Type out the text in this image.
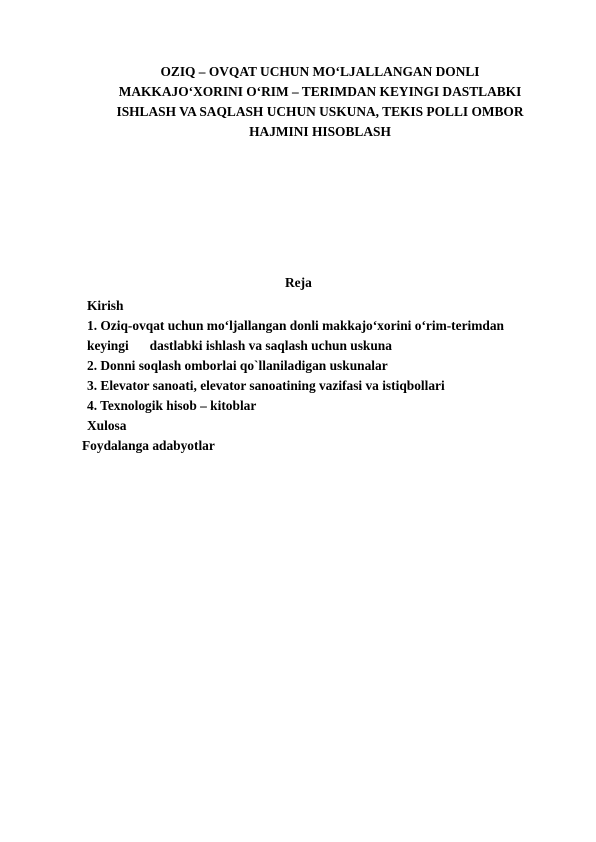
OZIQ – OVQAT UCHUN MO‘LJALLANGAN DONLI
MAKKAJO‘XORINI O‘RIM – TERIMDAN KEYINGI DASTLABKI
ISHLASH VA SAQLASH UCHUN USKUNA, TEKIS POLLI OMBOR
HAJMINI HISOBLASH
Reja
Kirish
1. Oziq-ovqat uchun mo‘ljallangan donli makkajo‘xorini o‘rim-terimdan
keyingi dastlabki ishlash va saqlash uchun uskuna
2. Donni soqlash omborlai qo`llaniladigan uskunalar
3. Elevator sanoati, elevator sanoatining vazifasi va istiqbollari
4. Texnologik hisob – kitoblar
Xulosa
Foydalanga adabyotlar
